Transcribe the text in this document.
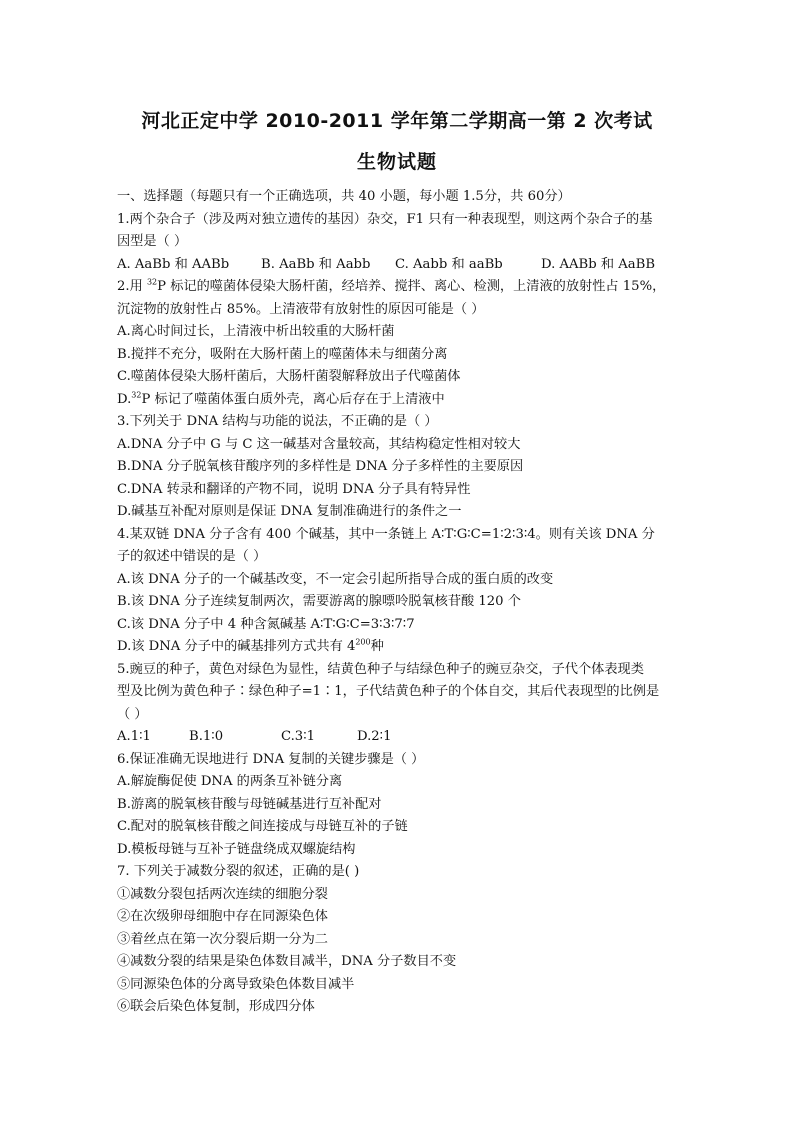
河北正定中学 2010-2011 学年第二学期高一第 2 次考试
生物试题
一、选择题（每题只有一个正确选项，共 40 小题，每小题 1.5分，共 60分）
1.两个杂合子（涉及两对独立遗传的基因）杂交，F1 只有一种表现型，则这两个杂合子的基
因型是（ ）
A. AaBb 和 AABb	B. AaBb 和 Aabb	C. Aabb 和 aaBb	D. AABb 和 AaBB
2.用 $^{32}$P 标记的噬菌体侵染大肠杆菌，经培养、搅拌、离心、检测，上清液的放射性占 15%，
沉淀物的放射性占 85%。上清液带有放射性的原因可能是（ ）
A.离心时间过长，上清液中析出较重的大肠杆菌
B.搅拌不充分，吸附在大肠杆菌上的噬菌体未与细菌分离
C.噬菌体侵染大肠杆菌后，大肠杆菌裂解释放出子代噬菌体
D.$^{32}$P 标记了噬菌体蛋白质外壳，离心后存在于上清液中
3.下列关于 DNA 结构与功能的说法，不正确的是（ ）
A.DNA 分子中 G 与 C 这一碱基对含量较高，其结构稳定性相对较大
B.DNA 分子脱氧核苷酸序列的多样性是 DNA 分子多样性的主要原因
C.DNA 转录和翻译的产物不同，说明 DNA 分子具有特异性
D.碱基互补配对原则是保证 DNA 复制准确进行的条件之一
4.某双链 DNA 分子含有 400 个碱基，其中一条链上 A∶T∶G∶C=1∶2∶3∶4。则有关该 DNA 分
子的叙述中错误的是（ ）
A.该 DNA 分子的一个碱基改变，不一定会引起所指导合成的蛋白质的改变
B.该 DNA 分子连续复制两次，需要游离的腺嘌呤脱氧核苷酸 120 个
C.该 DNA 分子中 4 种含氮碱基 A∶T∶G∶C=3∶3∶7∶7
D.该 DNA 分子中的碱基排列方式共有 $4^{200}$种
5.豌豆的种子，黄色对绿色为显性，结黄色种子与结绿色种子的豌豆杂交，子代个体表现类
型及比例为黄色种子∶绿色种子=1∶1，子代结黄色种子的个体自交，其后代表现型的比例是
（ ）
A.1∶1	B.1∶0	C.3∶1	D.2∶1
6.保证准确无误地进行 DNA 复制的关键步骤是（ ）
A.解旋酶促使 DNA 的两条互补链分离
B.游离的脱氧核苷酸与母链碱基进行互补配对
C.配对的脱氧核苷酸之间连接成与母链互补的子链
D.模板母链与互补子链盘绕成双螺旋结构
7. 下列关于减数分裂的叙述，正确的是( )
①减数分裂包括两次连续的细胞分裂
②在次级卵母细胞中存在同源染色体
③着丝点在第一次分裂后期一分为二
④减数分裂的结果是染色体数目减半，DNA 分子数目不变
⑤同源染色体的分离导致染色体数目减半
⑥联会后染色体复制，形成四分体
